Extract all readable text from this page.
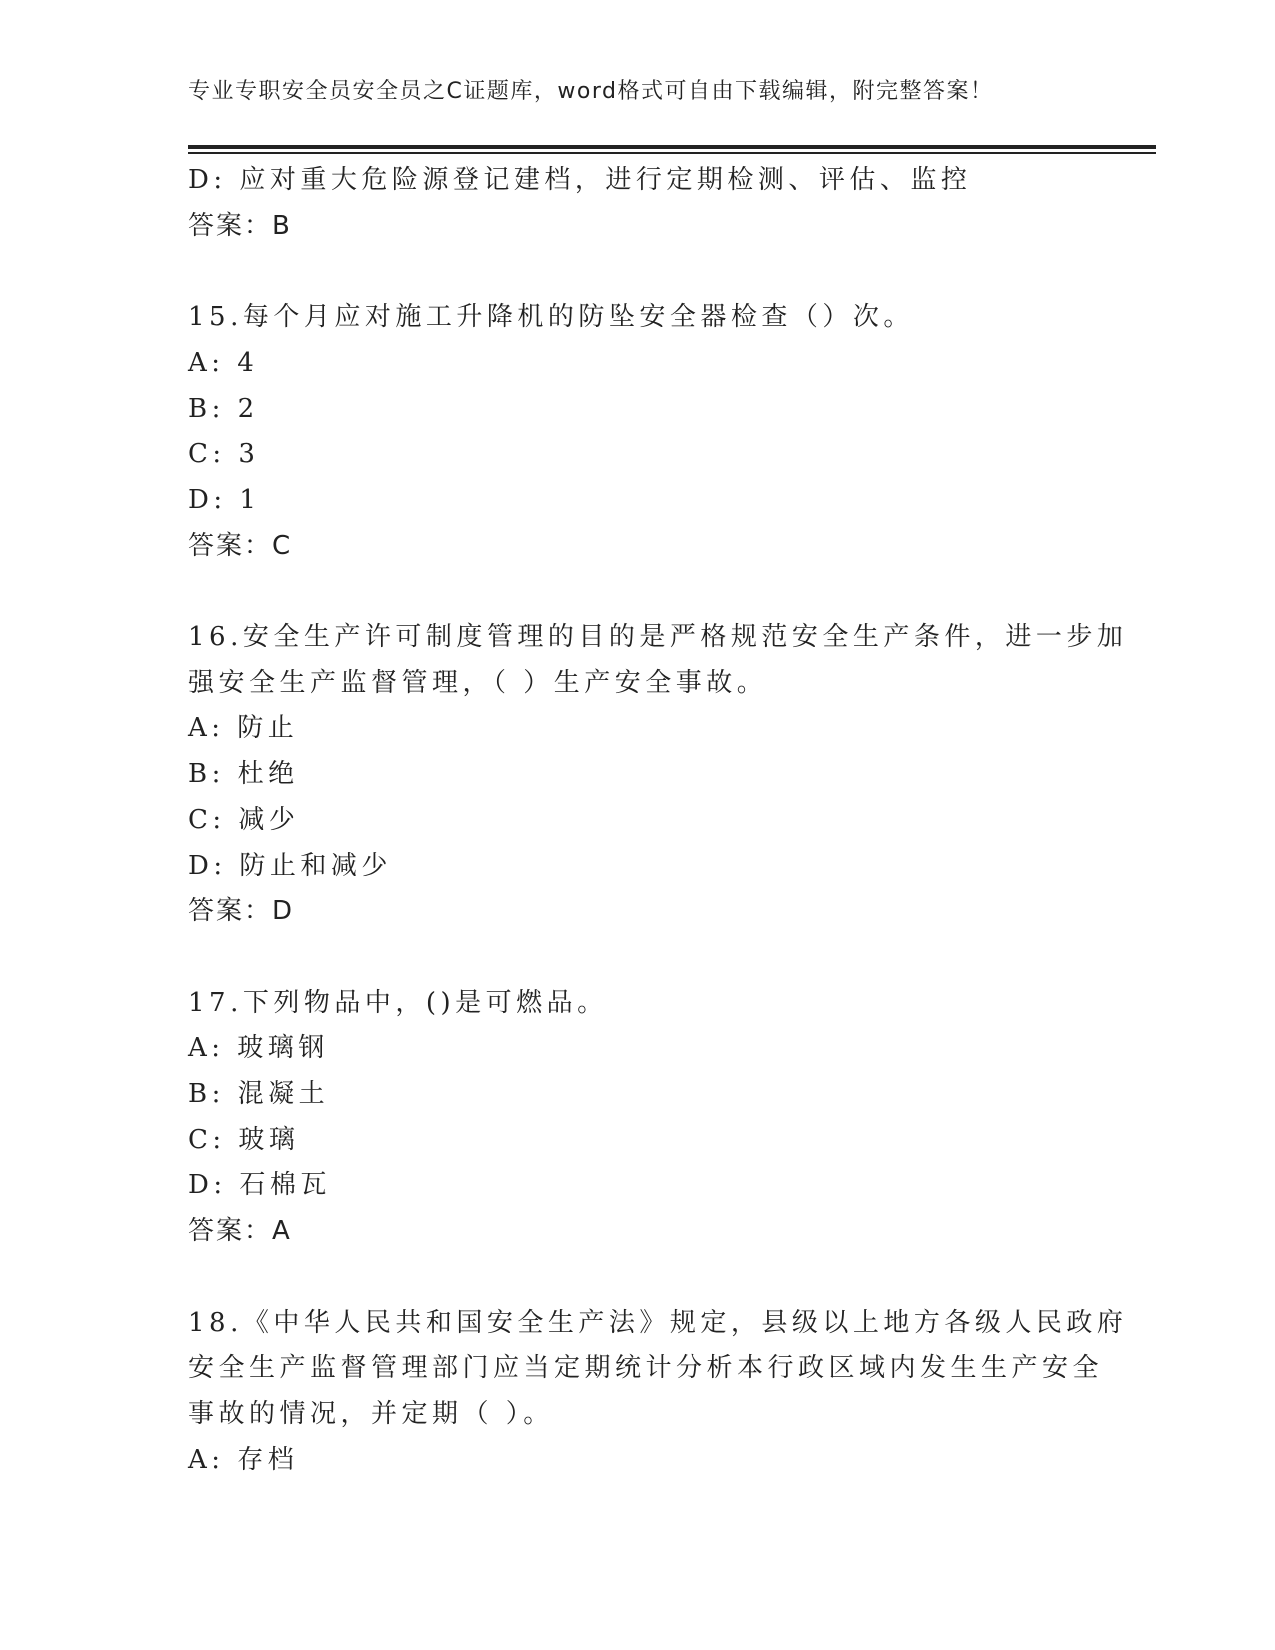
专业专职安全员安全员之C证题库，word格式可自由下载编辑，附完整答案！
D: 应对重大危险源登记建档，进行定期检测、评估、监控
答案：B
15.每个月应对施工升降机的防坠安全器检查（）次。
A: 4
B: 2
C: 3
D: 1
答案：C
16.安全生产许可制度管理的目的是严格规范安全生产条件，进一步加
强安全生产监督管理，（ ）生产安全事故。
A: 防止
B: 杜绝
C: 减少
D: 防止和减少
答案：D
17.下列物品中，()是可燃品。
A: 玻璃钢
B: 混凝土
C: 玻璃
D: 石棉瓦
答案：A
18.《中华人民共和国安全生产法》规定，县级以上地方各级人民政府
安全生产监督管理部门应当定期统计分析本行政区域内发生生产安全
事故的情况，并定期（ ）。
A: 存档
